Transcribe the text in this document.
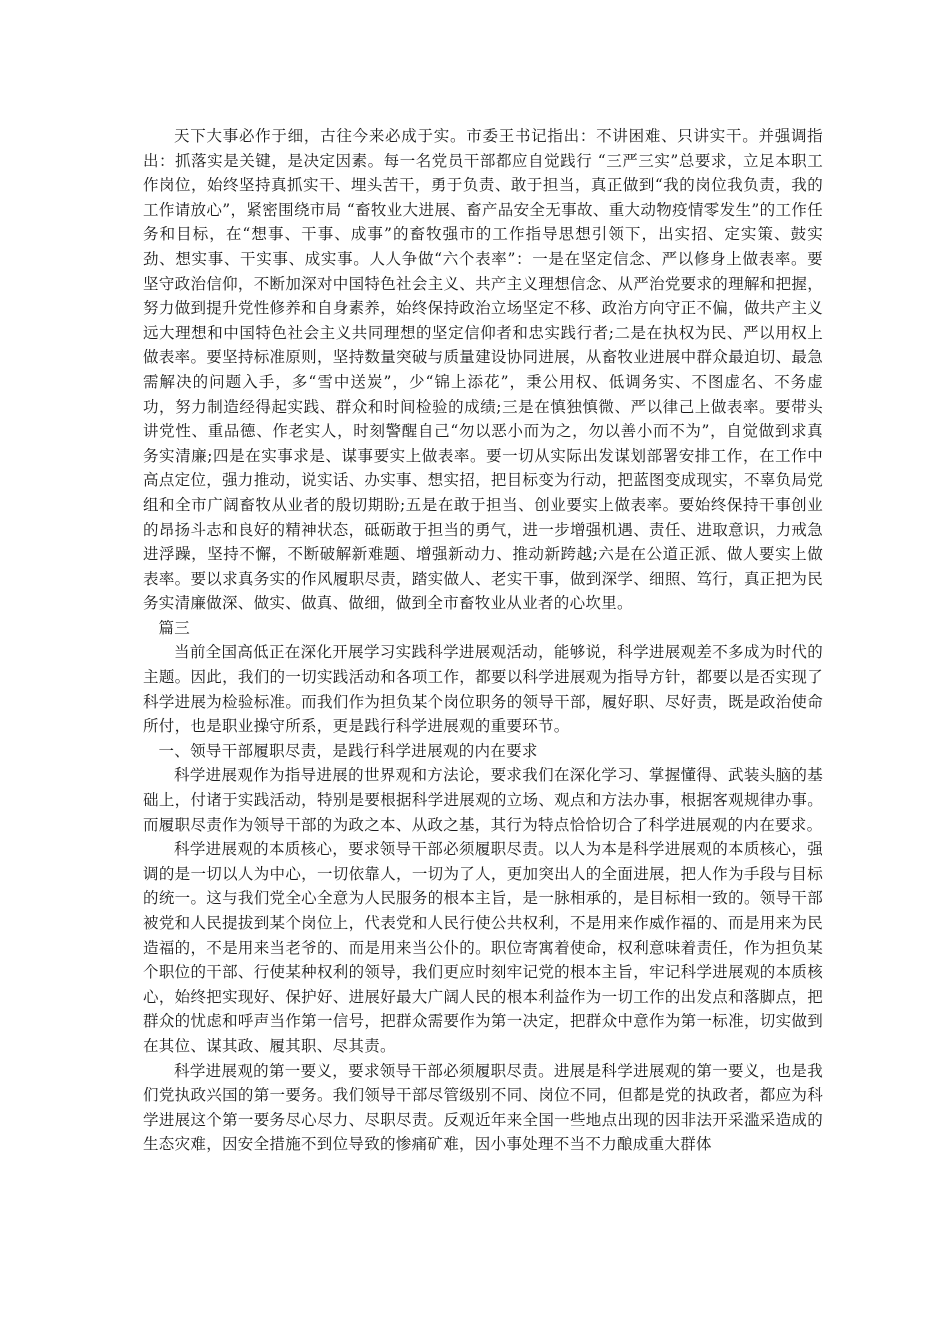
天下大事必作于细，古往今来必成于实。市委王书记指出：不讲困难、只讲实干。并强调指出：抓落实是关键，是决定因素。每一名党员干部都应自觉践行 “三严三实”总要求，立足本职工作岗位，始终坚持真抓实干、埋头苦干，勇于负责、敢于担当，真正做到“我的岗位我负责，我的工作请放心”，紧密围绕市局 “畜牧业大进展、畜产品安全无事故、重大动物疫情零发生”的工作任务和目标，在“想事、干事、成事”的畜牧强市的工作指导思想引领下，出实招、定实策、鼓实劲、想实事、干实事、成实事。人人争做“六个表率”：一是在坚定信念、严以修身上做表率。要坚守政治信仰，不断加深对中国特色社会主义、共产主义理想信念、从严治党要求的理解和把握，努力做到提升党性修养和自身素养，始终保持政治立场坚定不移、政治方向守正不偏，做共产主义远大理想和中国特色社会主义共同理想的坚定信仰者和忠实践行者;二是在执权为民、严以用权上做表率。要坚持标准原则，坚持数量突破与质量建设协同进展，从畜牧业进展中群众最迫切、最急需解决的问题入手，多“雪中送炭”，少“锦上添花”，秉公用权、低调务实、不图虚名、不务虚功，努力制造经得起实践、群众和时间检验的成绩;三是在慎独慎微、严以律己上做表率。要带头讲党性、重品德、作老实人，时刻警醒自己“勿以恶小而为之，勿以善小而不为”，自觉做到求真务实清廉;四是在实事求是、谋事要实上做表率。要一切从实际出发谋划部署安排工作，在工作中高点定位，强力推动，说实话、办实事、想实招，把目标变为行动，把蓝图变成现实，不辜负局党组和全市广阔畜牧从业者的殷切期盼;五是在敢于担当、创业要实上做表率。要始终保持干事创业的昂扬斗志和良好的精神状态，砥砺敢于担当的勇气，进一步增强机遇、责任、进取意识，力戒急进浮躁，坚持不懈，不断破解新难题、增强新动力、推动新跨越;六是在公道正派、做人要实上做表率。要以求真务实的作风履职尽责，踏实做人、老实干事，做到深学、细照、笃行，真正把为民务实清廉做深、做实、做真、做细，做到全市畜牧业从业者的心坎里。

篇三

当前全国高低正在深化开展学习实践科学进展观活动，能够说，科学进展观差不多成为时代的主题。因此，我们的一切实践活动和各项工作，都要以科学进展观为指导方针，都要以是否实现了科学进展为检验标准。而我们作为担负某个岗位职务的领导干部，履好职、尽好责，既是政治使命所付，也是职业操守所系，更是践行科学进展观的重要环节。

一、领导干部履职尽责，是践行科学进展观的内在要求

科学进展观作为指导进展的世界观和方法论，要求我们在深化学习、掌握懂得、武装头脑的基础上，付诸于实践活动，特别是要根据科学进展观的立场、观点和方法办事，根据客观规律办事。而履职尽责作为领导干部的为政之本、从政之基，其行为特点恰恰切合了科学进展观的内在要求。

科学进展观的本质核心，要求领导干部必须履职尽责。以人为本是科学进展观的本质核心，强调的是一切以人为中心，一切依靠人，一切为了人，更加突出人的全面进展，把人作为手段与目标的统一。这与我们党全心全意为人民服务的根本主旨，是一脉相承的，是目标相一致的。领导干部被党和人民提拔到某个岗位上，代表党和人民行使公共权利，不是用来作威作福的、而是用来为民造福的，不是用来当老爷的、而是用来当公仆的。职位寄寓着使命，权利意味着责任，作为担负某个职位的干部、行使某种权利的领导，我们更应时刻牢记党的根本主旨，牢记科学进展观的本质核心，始终把实现好、保护好、进展好最大广阔人民的根本利益作为一切工作的出发点和落脚点，把群众的忧虑和呼声当作第一信号，把群众需要作为第一决定，把群众中意作为第一标准，切实做到在其位、谋其政、履其职、尽其责。

科学进展观的第一要义，要求领导干部必须履职尽责。进展是科学进展观的第一要义，也是我们党执政兴国的第一要务。我们领导干部尽管级别不同、岗位不同，但都是党的执政者，都应为科学进展这个第一要务尽心尽力、尽职尽责。反观近年来全国一些地点出现的因非法开采滥采造成的生态灾难，因安全措施不到位导致的惨痛矿难，因小事处理不当不力酿成重大群体
